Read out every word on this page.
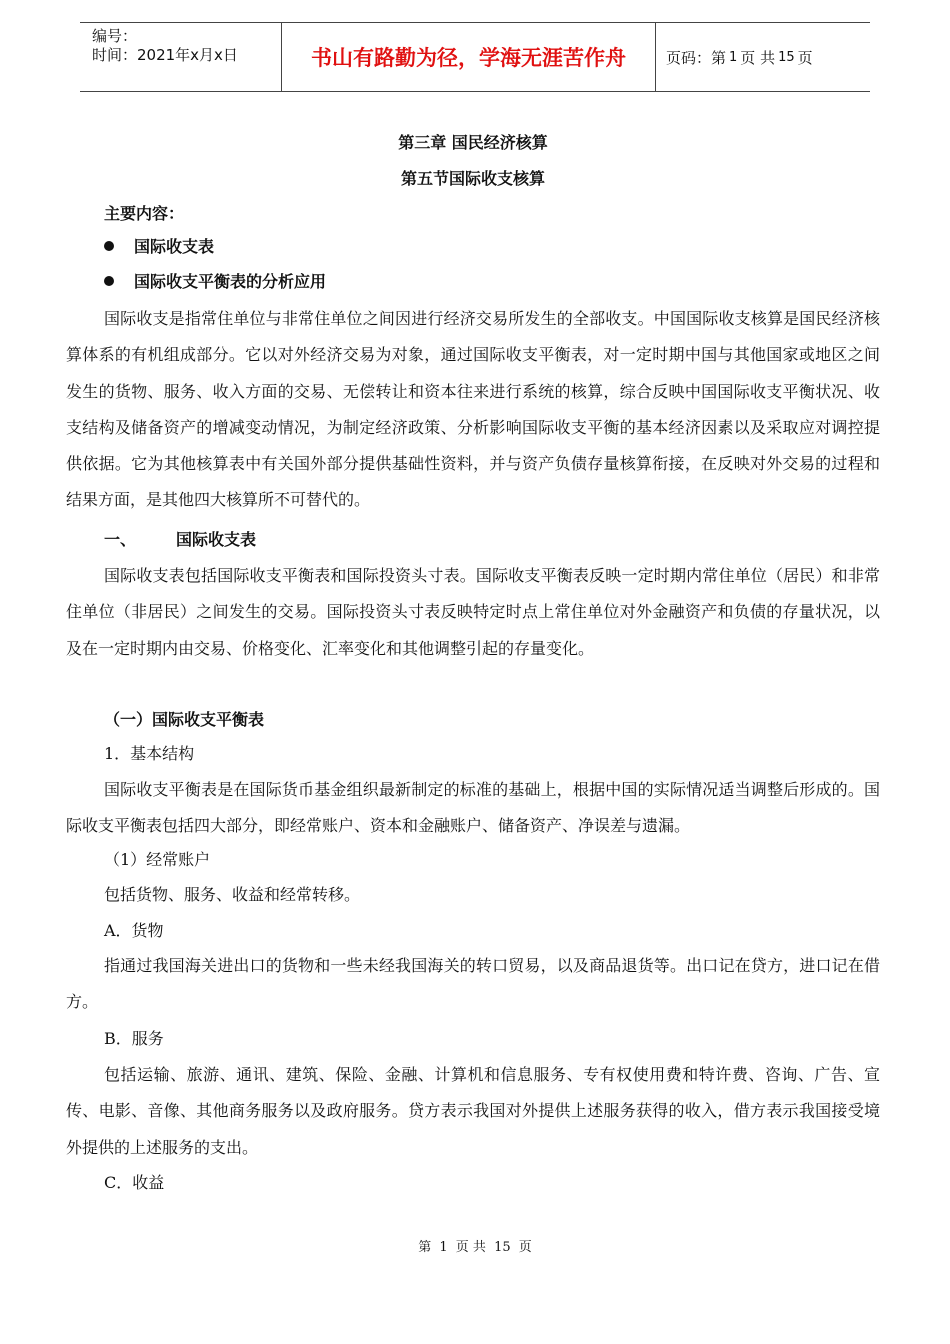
编号：
时间：2021年x月x日	书山有路勤为径，学海无涯苦作舟	页码：第 1 页 共 15 页
第三章 国民经济核算
第五节国际收支核算
主要内容：
国际收支表
国际收支平衡表的分析应用
国际收支是指常住单位与非常住单位之间因进行经济交易所发生的全部收支。中国国际收支核算是国民经济核算体系的有机组成部分。它以对外经济交易为对象，通过国际收支平衡表，对一定时期中国与其他国家或地区之间发生的货物、服务、收入方面的交易、无偿转让和资本往来进行系统的核算，综合反映中国国际收支平衡状况、收支结构及储备资产的增减变动情况，为制定经济政策、分析影响国际收支平衡的基本经济因素以及采取应对调控提供依据。它为其他核算表中有关国外部分提供基础性资料，并与资产负债存量核算衔接，在反映对外交易的过程和结果方面，是其他四大核算所不可替代的。
一、	国际收支表
国际收支表包括国际收支平衡表和国际投资头寸表。国际收支平衡表反映一定时期内常住单位（居民）和非常住单位（非居民）之间发生的交易。国际投资头寸表反映特定时点上常住单位对外金融资产和负债的存量状况，以及在一定时期内由交易、价格变化、汇率变化和其他调整引起的存量变化。
（一）国际收支平衡表
1．基本结构
国际收支平衡表是在国际货币基金组织最新制定的标准的基础上，根据中国的实际情况适当调整后形成的。国际收支平衡表包括四大部分，即经常账户、资本和金融账户、储备资产、净误差与遗漏。
（1）经常账户
包括货物、服务、收益和经常转移。
A．货物
指通过我国海关进出口的货物和一些未经我国海关的转口贸易，以及商品退货等。出口记在贷方，进口记在借方。
B．服务
包括运输、旅游、通讯、建筑、保险、金融、计算机和信息服务、专有权使用费和特许费、咨询、广告、宣传、电影、音像、其他商务服务以及政府服务。贷方表示我国对外提供上述服务获得的收入，借方表示我国接受境外提供的上述服务的支出。
C．收益
第 1 页 共 15 页
